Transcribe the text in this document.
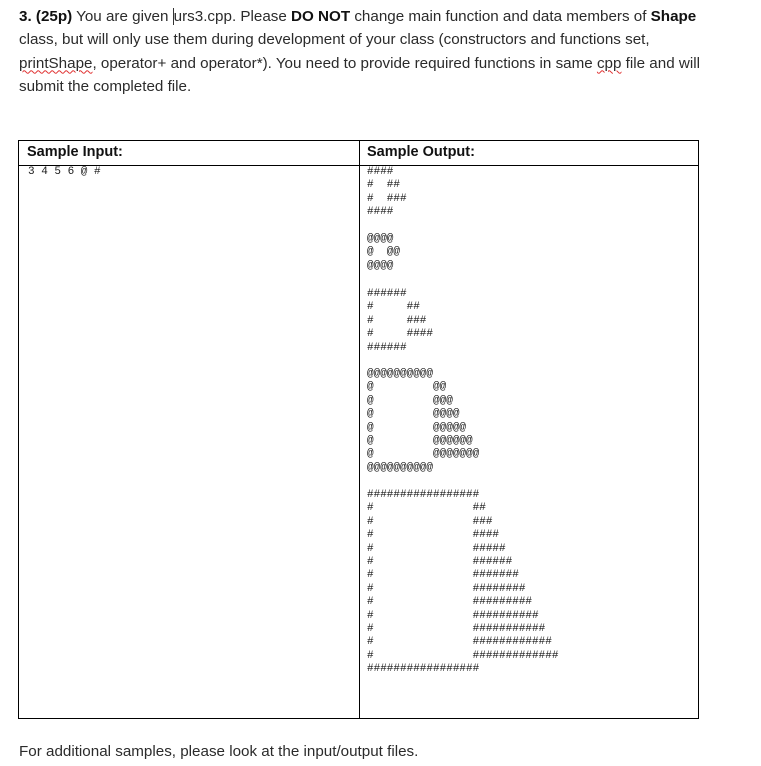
3. (25p) You are given urs3.cpp. Please DO NOT change main function and data members of Shape class, but will only use them during development of your class (constructors and functions set, printShape, operator+ and operator*). You need to provide required functions in same cpp file and will submit the completed file.
Sample Input:	Sample Output:
3 4 5 6 @ #	####
#  ##
#  ###
####
@@@@
@  @@
@@@@
######
#     ##
#     ###
#     ####
######
@@@@@@@@@@
@         @@
@         @@@
@         @@@@
@         @@@@@
@         @@@@@@
@         @@@@@@@
@@@@@@@@@@
#################
#               ##
#               ###
#               ####
#               #####
#               ######
#               #######
#               ########
#               #########
#               ##########
#               ###########
#               ############
#               #############
#################
For additional samples, please look at the input/output files.
